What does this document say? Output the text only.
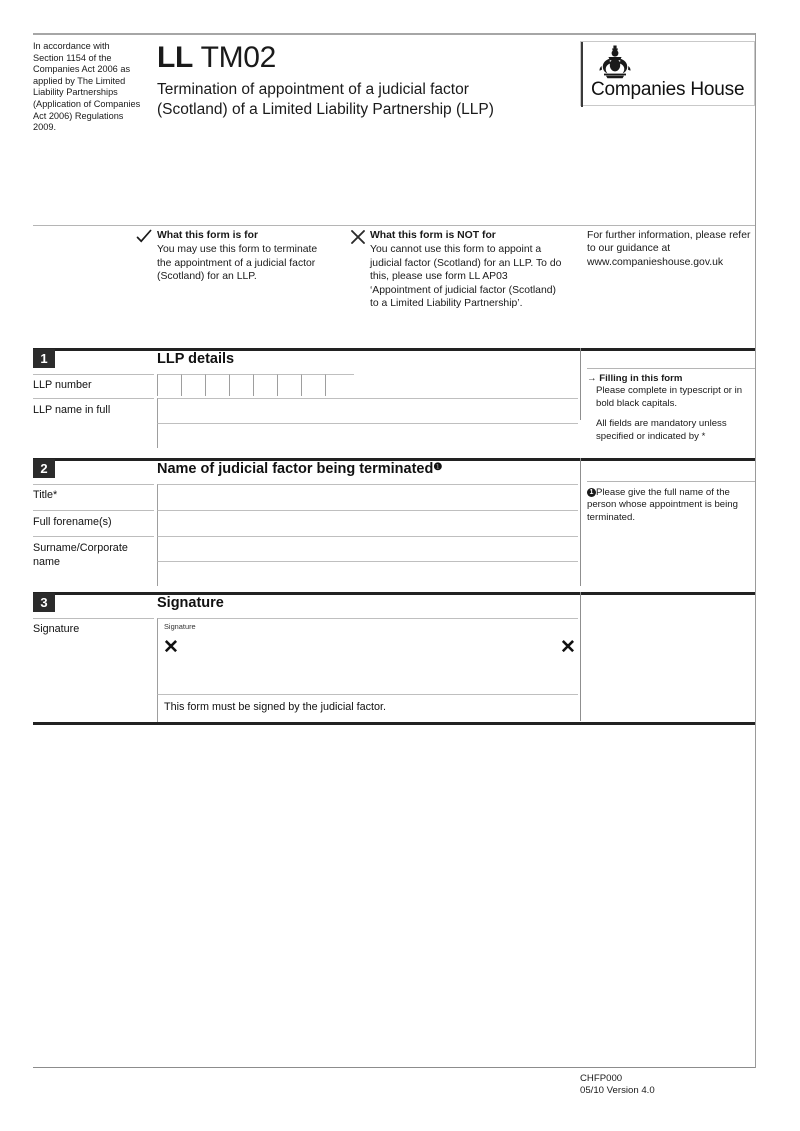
In accordance with Section 1154 of the Companies Act 2006 as applied by The Limited Liability Partnerships (Application of Companies Act 2006) Regulations 2009.
LL TM02
Termination of appointment of a judicial factor
(Scotland) of a Limited Liability Partnership (LLP)
Companies House
What this form is for
You may use this form to terminate the appointment of a judicial factor (Scotland) for an LLP.
What this form is NOT for
You cannot use this form to appoint a judicial factor (Scotland) for an LLP. To do this, please use form LL AP03 ‘Appointment of judicial factor (Scotland) to a Limited Liability Partnership’.
For further information, please refer to our guidance at www.companieshouse.gov.uk
1	LLP details
LLP number
LLP name in full
→ Filling in this form
Please complete in typescript or in bold black capitals.
All fields are mandatory unless specified or indicated by *
2	Name of judicial factor being terminated$^❶$
Title*
Full forename(s)
Surname/Corporate name
1 Please give the full name of the person whose appointment is being terminated.
3	Signature
Signature	Signature
✕	✕
This form must be signed by the judicial factor.
CHFP000
05/10 Version 4.0
